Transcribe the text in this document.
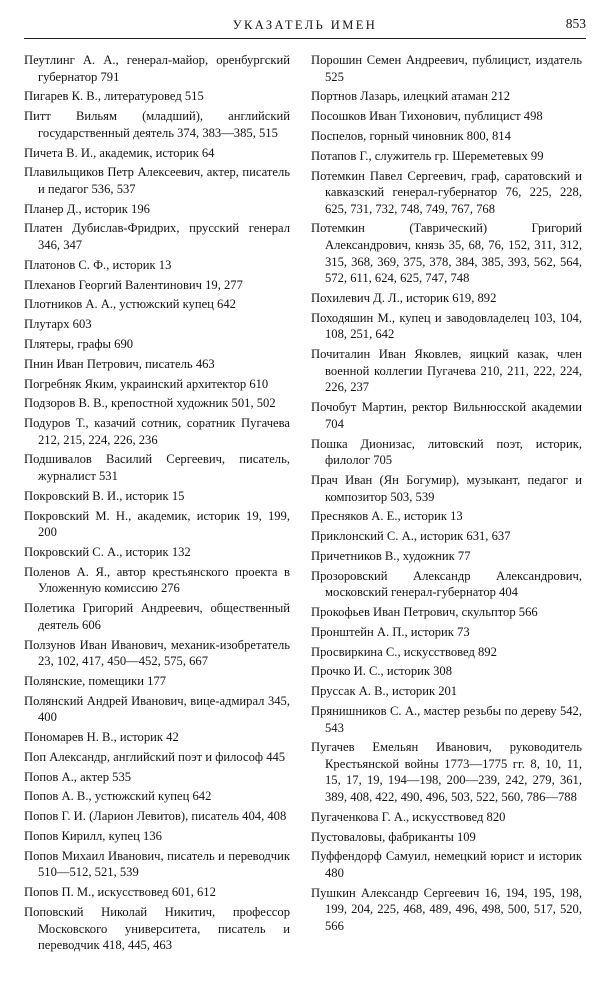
УКАЗАТЕЛЬ ИМЕН	853
Пеутлинг А. А., генерал-майор, оренбургский губернатор 791
Пигарев К. В., литературовед 515
Питт Вильям (младший), английский государственный деятель 374, 383—385, 515
Пичета В. И., академик, историк 64
Плавильщиков Петр Алексеевич, актер, писатель и педагог 536, 537
Планер Д., историк 196
Платен Дубислав-Фридрих, прусский генерал 346, 347
Платонов С. Ф., историк 13
Плеханов Георгий Валентинович 19, 277
Плотников А. А., устюжский купец 642
Плутарх 603
Плятеры, графы 690
Пнин Иван Петрович, писатель 463
Погребняк Яким, украинский архитектор 610
Подзоров В. В., крепостной художник 501, 502
Подуров Т., казачий сотник, соратник Пугачева 212, 215, 224, 226, 236
Подшивалов Василий Сергеевич, писатель, журналист 531
Покровский В. И., историк 15
Покровский М. Н., академик, историк 19, 199, 200
Покровский С. А., историк 132
Поленов А. Я., автор крестьянского проекта в Уложенную комиссию 276
Полетика Григорий Андреевич, общественный деятель 606
Ползунов Иван Иванович, механик-изобретатель 23, 102, 417, 450—452, 575, 667
Полянские, помещики 177
Полянский Андрей Иванович, вице-адмирал 345, 400
Пономарев Н. В., историк 42
Поп Александр, английский поэт и философ 445
Попов А., актер 535
Попов А. В., устюжский купец 642
Попов Г. И. (Ларион Левитов), писатель 404, 408
Попов Кирилл, купец 136
Попов Михаил Иванович, писатель и переводчик 510—512, 521, 539
Попов П. М., искусствовед 601, 612
Поповский Николай Никитич, профессор Московского университета, писатель и переводчик 418, 445, 463
Порошин Семен Андреевич, публицист, издатель 525
Портнов Лазарь, илецкий атаман 212
Посошков Иван Тихонович, публицист 498
Поспелов, горный чиновник 800, 814
Потапов Г., служитель гр. Шереметевых 99
Потемкин Павел Сергеевич, граф, саратовский и кавказский генерал-губернатор 76, 225, 228, 625, 731, 732, 748, 749, 767, 768
Потемкин (Таврический) Григорий Александрович, князь 35, 68, 76, 152, 311, 312, 315, 368, 369, 375, 378, 384, 385, 393, 562, 564, 572, 611, 624, 625, 747, 748
Похилевич Д. Л., историк 619, 892
Походяшин М., купец и заводовладелец 103, 104, 108, 251, 642
Почиталин Иван Яковлев, яицкий казак, член военной коллегии Пугачева 210, 211, 222, 224, 226, 237
Почобут Мартин, ректор Вильнюсской академии 704
Пошка Дионизас, литовский поэт, историк, филолог 705
Прач Иван (Ян Богумир), музыкант, педагог и композитор 503, 539
Пресняков А. Е., историк 13
Приклонский С. А., историк 631, 637
Причетников В., художник 77
Прозоровский Александр Александрович, московский генерал-губернатор 404
Прокофьев Иван Петрович, скульптор 566
Пронштейн А. П., историк 73
Просвиркина С., искусствовед 892
Прочко И. С., историк 308
Пруссак А. В., историк 201
Прянишников С. А., мастер резьбы по дереву 542, 543
Пугачев Емельян Иванович, руководитель Крестьянской войны 1773—1775 гг. 8, 10, 11, 15, 17, 19, 194—198, 200—239, 242, 279, 361, 389, 408, 422, 490, 496, 503, 522, 560, 786—788
Пугаченкова Г. А., искусствовед 820
Пустоваловы, фабриканты 109
Пуффендорф Самуил, немецкий юрист и историк 480
Пушкин Александр Сергеевич 16, 194, 195, 198, 199, 204, 225, 468, 489, 496, 498, 500, 517, 520, 566
